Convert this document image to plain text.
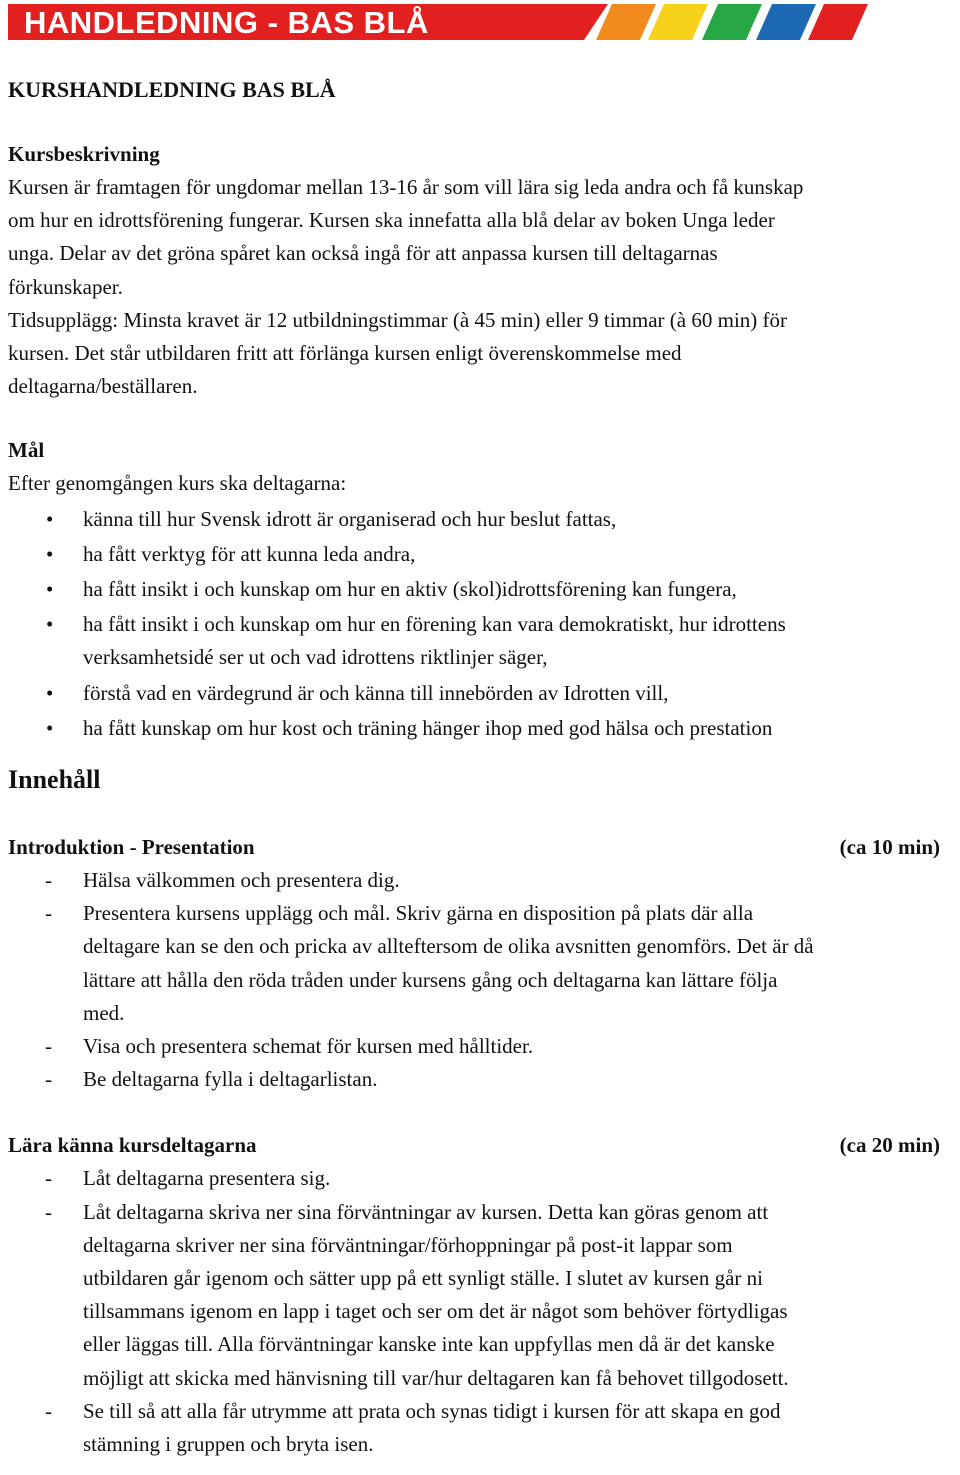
HANDLEDNING - BAS BLÅ

KURSHANDLEDNING BAS BLÅ

Kursbeskrivning

Kursen är framtagen för ungdomar mellan 13-16 år som vill lära sig leda andra och få kunskap

om hur en idrottsförening fungerar. Kursen ska innefatta alla blå delar av boken Unga leder

unga. Delar av det gröna spåret kan också ingå för att anpassa kursen till deltagarnas

förkunskaper.

Tidsupplägg: Minsta kravet är 12 utbildningstimmar (à 45 min) eller 9 timmar (à 60 min) för

kursen. Det står utbildaren fritt att förlänga kursen enligt överenskommelse med

deltagarna/beställaren.

Mål

Efter genomgången kurs ska deltagarna:

• känna till hur Svensk idrott är organiserad och hur beslut fattas,
• ha fått verktyg för att kunna leda andra,
• ha fått insikt i och kunskap om hur en aktiv (skol)idrottsförening kan fungera,
• ha fått insikt i och kunskap om hur en förening kan vara demokratiskt, hur idrottens
verksamhetsidé ser ut och vad idrottens riktlinjer säger,
• förstå vad en värdegrund är och känna till innebörden av Idrotten vill,
• ha fått kunskap om hur kost och träning hänger ihop med god hälsa och prestation

Innehåll

Introduktion - Presentation	(ca 10 min)
- Hälsa välkommen och presentera dig.
- Presentera kursens upplägg och mål. Skriv gärna en disposition på plats där alla
deltagare kan se den och pricka av allteftersom de olika avsnitten genomförs. Det är då
lättare att hålla den röda tråden under kursens gång och deltagarna kan lättare följa
med.
- Visa och presentera schemat för kursen med hålltider.
- Be deltagarna fylla i deltagarlistan.
Lära känna kursdeltagarna	(ca 20 min)
- Låt deltagarna presentera sig.
- Låt deltagarna skriva ner sina förväntningar av kursen. Detta kan göras genom att
deltagarna skriver ner sina förväntningar/förhoppningar på post-it lappar som
utbildaren går igenom och sätter upp på ett synligt ställe. I slutet av kursen går ni
tillsammans igenom en lapp i taget och ser om det är något som behöver förtydligas
eller läggas till. Alla förväntningar kanske inte kan uppfyllas men då är det kanske
möjligt att skicka med hänvisning till var/hur deltagaren kan få behovet tillgodosett.
- Se till så att alla får utrymme att prata och synas tidigt i kursen för att skapa en god
stämning i gruppen och bryta isen.
